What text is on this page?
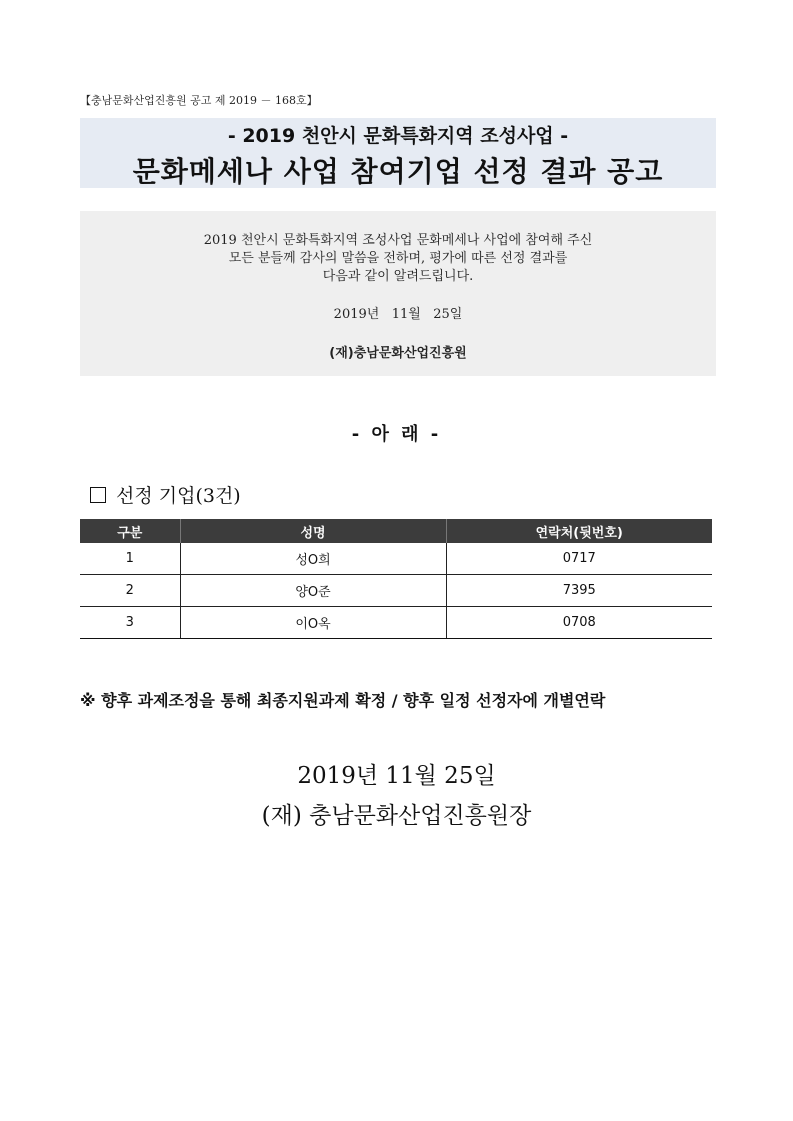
【충남문화산업진흥원 공고 제 2019 － 168호】
- 2019 천안시 문화특화지역 조성사업 -
문화메세나 사업 참여기업 선정 결과 공고
2019 천안시 문화특화지역 조성사업 문화메세나 사업에 참여해 주신
모든 분들께 감사의 말씀을 전하며, 평가에 따른 선정 결과를
다음과 같이 알려드립니다.
2019년   11월   25일
(재)충남문화산업진흥원
- 아 래 -
선정 기업(3건)
구분	성명	연락처(뒷번호)
1	성O희	0717
2	양O준	7395
3	이O옥	0708
※ 향후 과제조정을 통해 최종지원과제 확정 / 향후 일정 선정자에 개별연락
2019년 11월 25일
(재) 충남문화산업진흥원장
